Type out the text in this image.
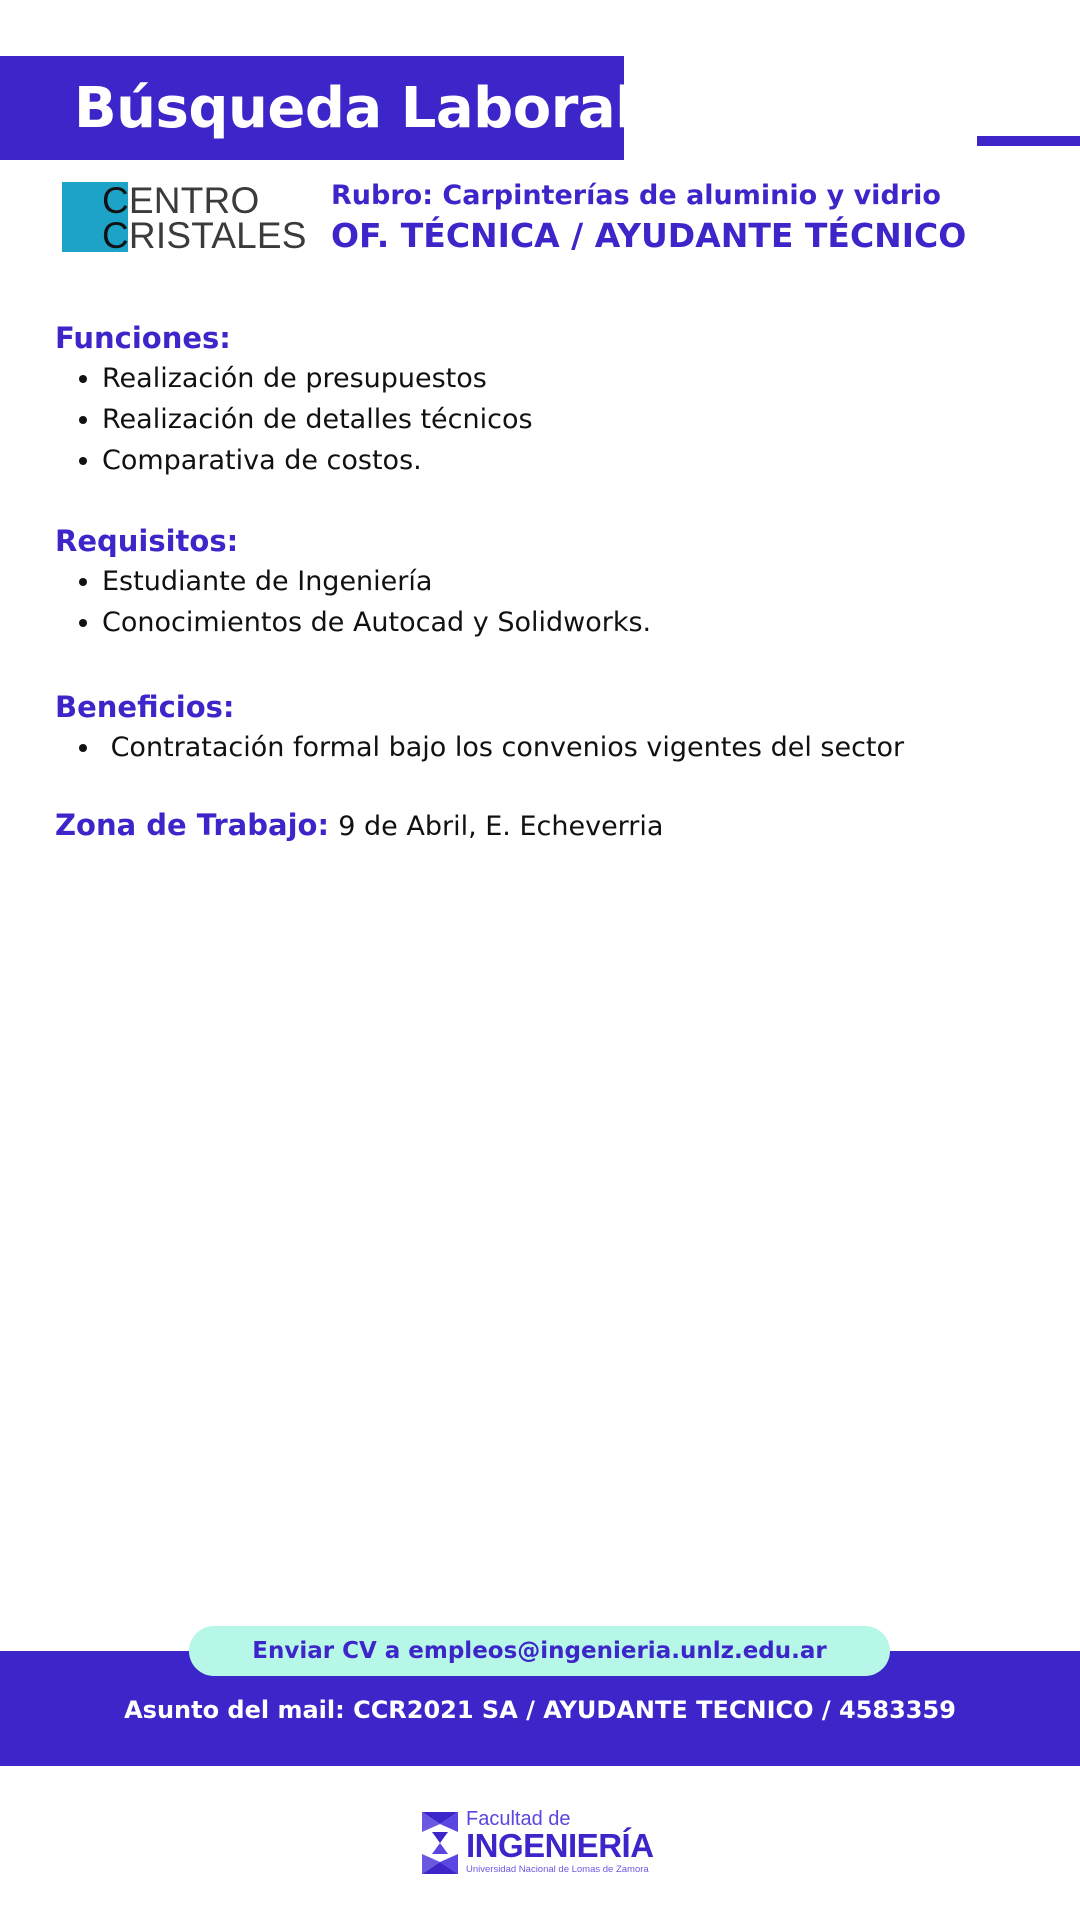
Búsqueda Laboral
CENTRO
CRISTALES
Rubro: Carpinterías de aluminio y vidrio
OF. TÉCNICA / AYUDANTE TÉCNICO
Funciones:
• Realización de presupuestos
• Realización de detalles técnicos
• Comparativa de costos.
Requisitos:
• Estudiante de Ingeniería
• Conocimientos de Autocad y Solidworks.
Beneficios:
•  Contratación formal bajo los convenios vigentes del sector
Zona de Trabajo: 9 de Abril, E. Echeverria
Enviar CV a empleos@ingenieria.unlz.edu.ar
Asunto del mail: CCR2021 SA / AYUDANTE TECNICO / 4583359
Facultad de
INGENIERÍA
Universidad Nacional de Lomas de Zamora
